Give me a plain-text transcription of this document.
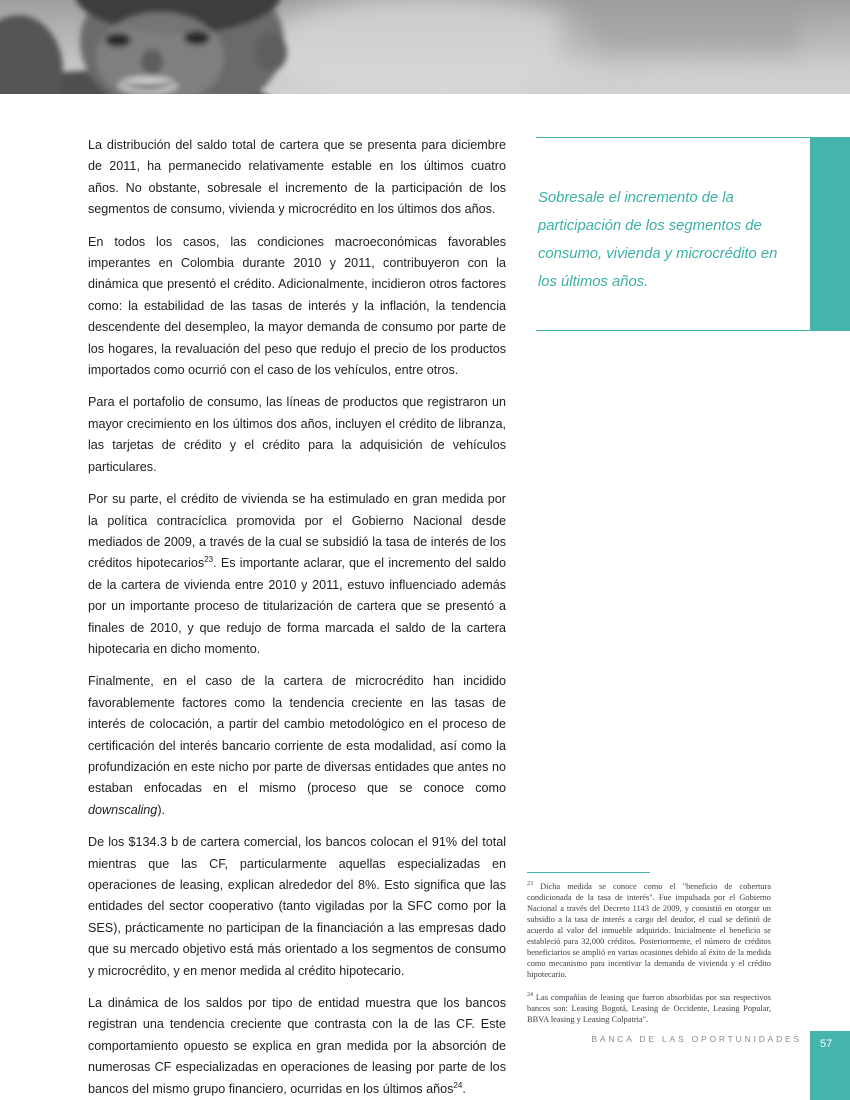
La distribución del saldo total de cartera que se presenta para diciembre de 2011, ha permanecido relativamente estable en los últimos cuatro años. No obstante, sobresale el incremento de la participación de los segmentos de consumo, vivienda y microcrédito en los últimos dos años.

En todos los casos, las condiciones macroeconómicas favorables imperantes en Colombia durante 2010 y 2011, contribuyeron con la dinámica que presentó el crédito. Adicionalmente, incidieron otros factores como: la estabilidad de las tasas de interés y la inflación, la tendencia descendente del desempleo, la mayor demanda de consumo por parte de los hogares, la revaluación del peso que redujo el precio de los productos importados como ocurrió con el caso de los vehículos, entre otros.

Para el portafolio de consumo, las líneas de productos que registraron un mayor crecimiento en los últimos dos años, incluyen el crédito de libranza, las tarjetas de crédito y el crédito para la adquisición de vehículos particulares.

Por su parte, el crédito de vivienda se ha estimulado en gran medida por la política contracíclica promovida por el Gobierno Nacional desde mediados de 2009, a través de la cual se subsidió la tasa de interés de los créditos hipotecarios$^{23}$. Es importante aclarar, que el incremento del saldo de la cartera de vivienda entre 2010 y 2011, estuvo influenciado además por un importante proceso de titularización de cartera que se presentó a finales de 2010, y que redujo de forma marcada el saldo de la cartera hipotecaria en dicho momento.

Finalmente, en el caso de la cartera de microcrédito han incidido favorablemente factores como la tendencia creciente en las tasas de interés de colocación, a partir del cambio metodológico en el proceso de certificación del interés bancario corriente de esta modalidad, así como la profundización en este nicho por parte de diversas entidades que antes no estaban enfocadas en el mismo (proceso que se conoce como downscaling).

De los $134.3 b de cartera comercial, los bancos colocan el 91% del total mientras que las CF, particularmente aquellas especializadas en operaciones de leasing, explican alrededor del 8%. Esto significa que las entidades del sector cooperativo (tanto vigiladas por la SFC como por la SES), prácticamente no participan de la financiación a las empresas dado que su mercado objetivo está más orientado a los segmentos de consumo y microcrédito, y en menor medida al crédito hipotecario.

La dinámica de los saldos por tipo de entidad muestra que los bancos registran una tendencia creciente que contrasta con la de las CF. Este comportamiento opuesto se explica en gran medida por la absorción de numerosas CF especializadas en operaciones de leasing por parte de los bancos del mismo grupo financiero, ocurridas en los últimos años$^{24}$.

Sobresale el incremento de la participación de los segmentos de consumo, vivienda y microcrédito en los últimos años.
$^{23}$ Dicha medida se conoce como el "beneficio de cobertura condicionada de la tasa de interés". Fue impulsada por el Gobierno Nacional a través del Decreto 1143 de 2009, y consistió en otorgar un subsidio a la tasa de interés a cargo del deudor, el cual se definió de acuerdo al valor del inmueble adquirido. Inicialmente el beneficio se estableció para 32,000 créditos. Posteriormente, el número de créditos beneficiarios se amplió en varias ocasiones debido al éxito de la medida como mecanismo para incentivar la demanda de vivienda y el crédito hipotecario.
$^{24}$ Las compañías de leasing que fueron absorbidas por sus respectivos bancos son: Leasing Bogotá, Leasing de Occidente, Leasing Popular, BBVA leasing y Leasing Colpatria".
BANCA DE LAS OPORTUNIDADES	57
